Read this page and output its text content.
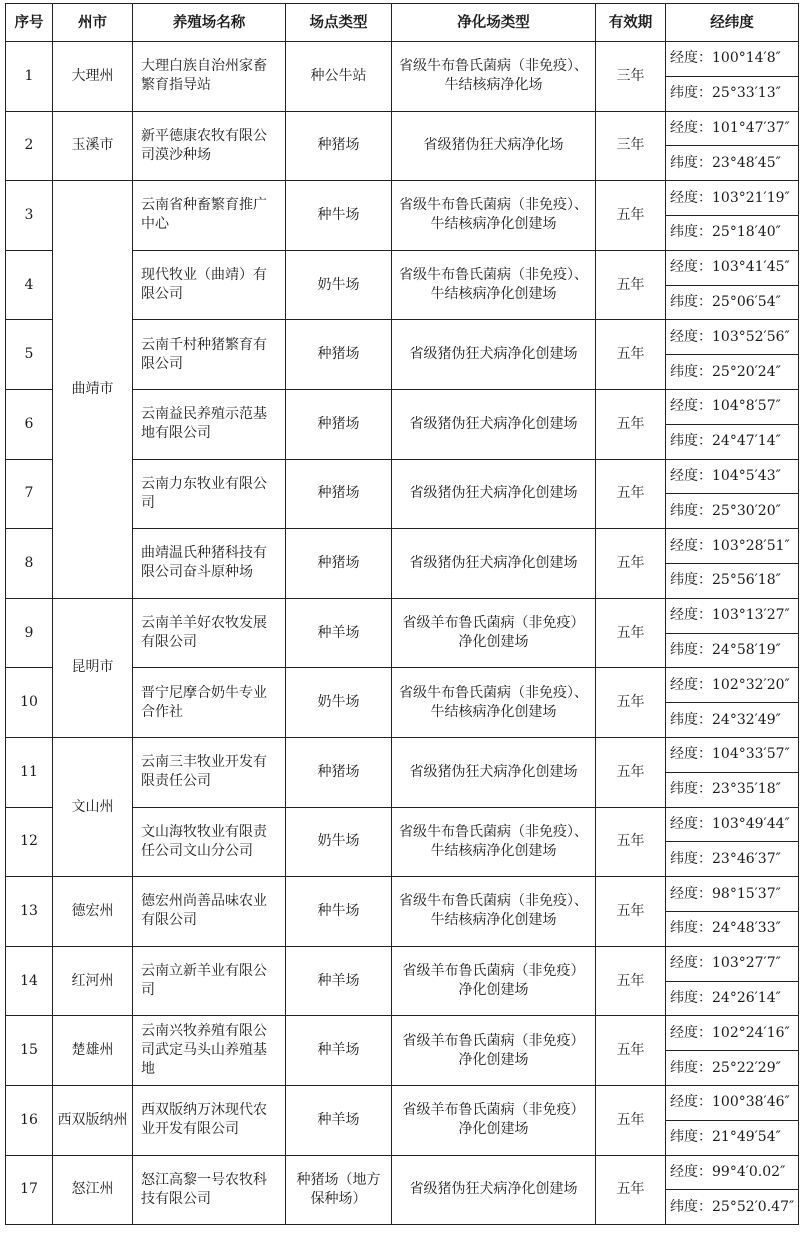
序号	州市	养殖场名称	场点类型	净化场类型	有效期	经纬度
1	大理州	大理白族自治州家畜繁育指导站	种公牛站	省级牛布鲁氏菌病（非免疫）、牛结核病净化场	三年	经度：100°14′8″
						纬度：25°33′13″
2	玉溪市	新平德康农牧有限公司漠沙种场	种猪场	省级猪伪狂犬病净化场	三年	经度：101°47′37″
						纬度：23°48′45″
3	曲靖市	云南省种畜繁育推广中心	种牛场	省级牛布鲁氏菌病（非免疫）、牛结核病净化创建场	五年	经度：103°21′19″
						纬度：25°18′40″
4		现代牧业（曲靖）有限公司	奶牛场	省级牛布鲁氏菌病（非免疫）、牛结核病净化创建场	五年	经度：103°41′45″
						纬度：25°06′54″
5		云南千村种猪繁育有限公司	种猪场	省级猪伪狂犬病净化创建场	五年	经度：103°52′56″
						纬度：25°20′24″
6		云南益民养殖示范基地有限公司	种猪场	省级猪伪狂犬病净化创建场	五年	经度：104°8′57″
						纬度：24°47′14″
7		云南力东牧业有限公司	种猪场	省级猪伪狂犬病净化创建场	五年	经度：104°5′43″
						纬度：25°30′20″
8		曲靖温氏种猪科技有限公司奋斗原种场	种猪场	省级猪伪狂犬病净化创建场	五年	经度：103°28′51″
						纬度：25°56′18″
9	昆明市	云南羊羊好农牧发展有限公司	种羊场	省级羊布鲁氏菌病（非免疫）净化创建场	五年	经度：103°13′27″
						纬度：24°58′19″
10		晋宁尼摩合奶牛专业合作社	奶牛场	省级牛布鲁氏菌病（非免疫）、牛结核病净化创建场	五年	经度：102°32′20″
						纬度：24°32′49″
11	文山州	云南三丰牧业开发有限责任公司	种猪场	省级猪伪狂犬病净化创建场	五年	经度：104°33′57″
						纬度：23°35′18″
12		文山海牧牧业有限责任公司文山分公司	奶牛场	省级牛布鲁氏菌病（非免疫）、牛结核病净化创建场	五年	经度：103°49′44″
						纬度：23°46′37″
13	德宏州	德宏州尚善品味农业有限公司	种牛场	省级牛布鲁氏菌病（非免疫）、牛结核病净化创建场	五年	经度：98°15′37″
						纬度：24°48′33″
14	红河州	云南立新羊业有限公司	种羊场	省级羊布鲁氏菌病（非免疫）净化创建场	五年	经度：103°27′7″
						纬度：24°26′14″
15	楚雄州	云南兴牧养殖有限公司武定马头山养殖基地	种羊场	省级羊布鲁氏菌病（非免疫）净化创建场	五年	经度：102°24′16″
						纬度：25°22′29″
16	西双版纳州	西双版纳万沐现代农业开发有限公司	种羊场	省级羊布鲁氏菌病（非免疫）净化创建场	五年	经度：100°38′46″
						纬度：21°49′54″
17	怒江州	怒江高黎一号农牧科技有限公司	种猪场（地方保种场）	省级猪伪狂犬病净化创建场	五年	经度：99°4′0.02″
						纬度：25°52′0.47″
